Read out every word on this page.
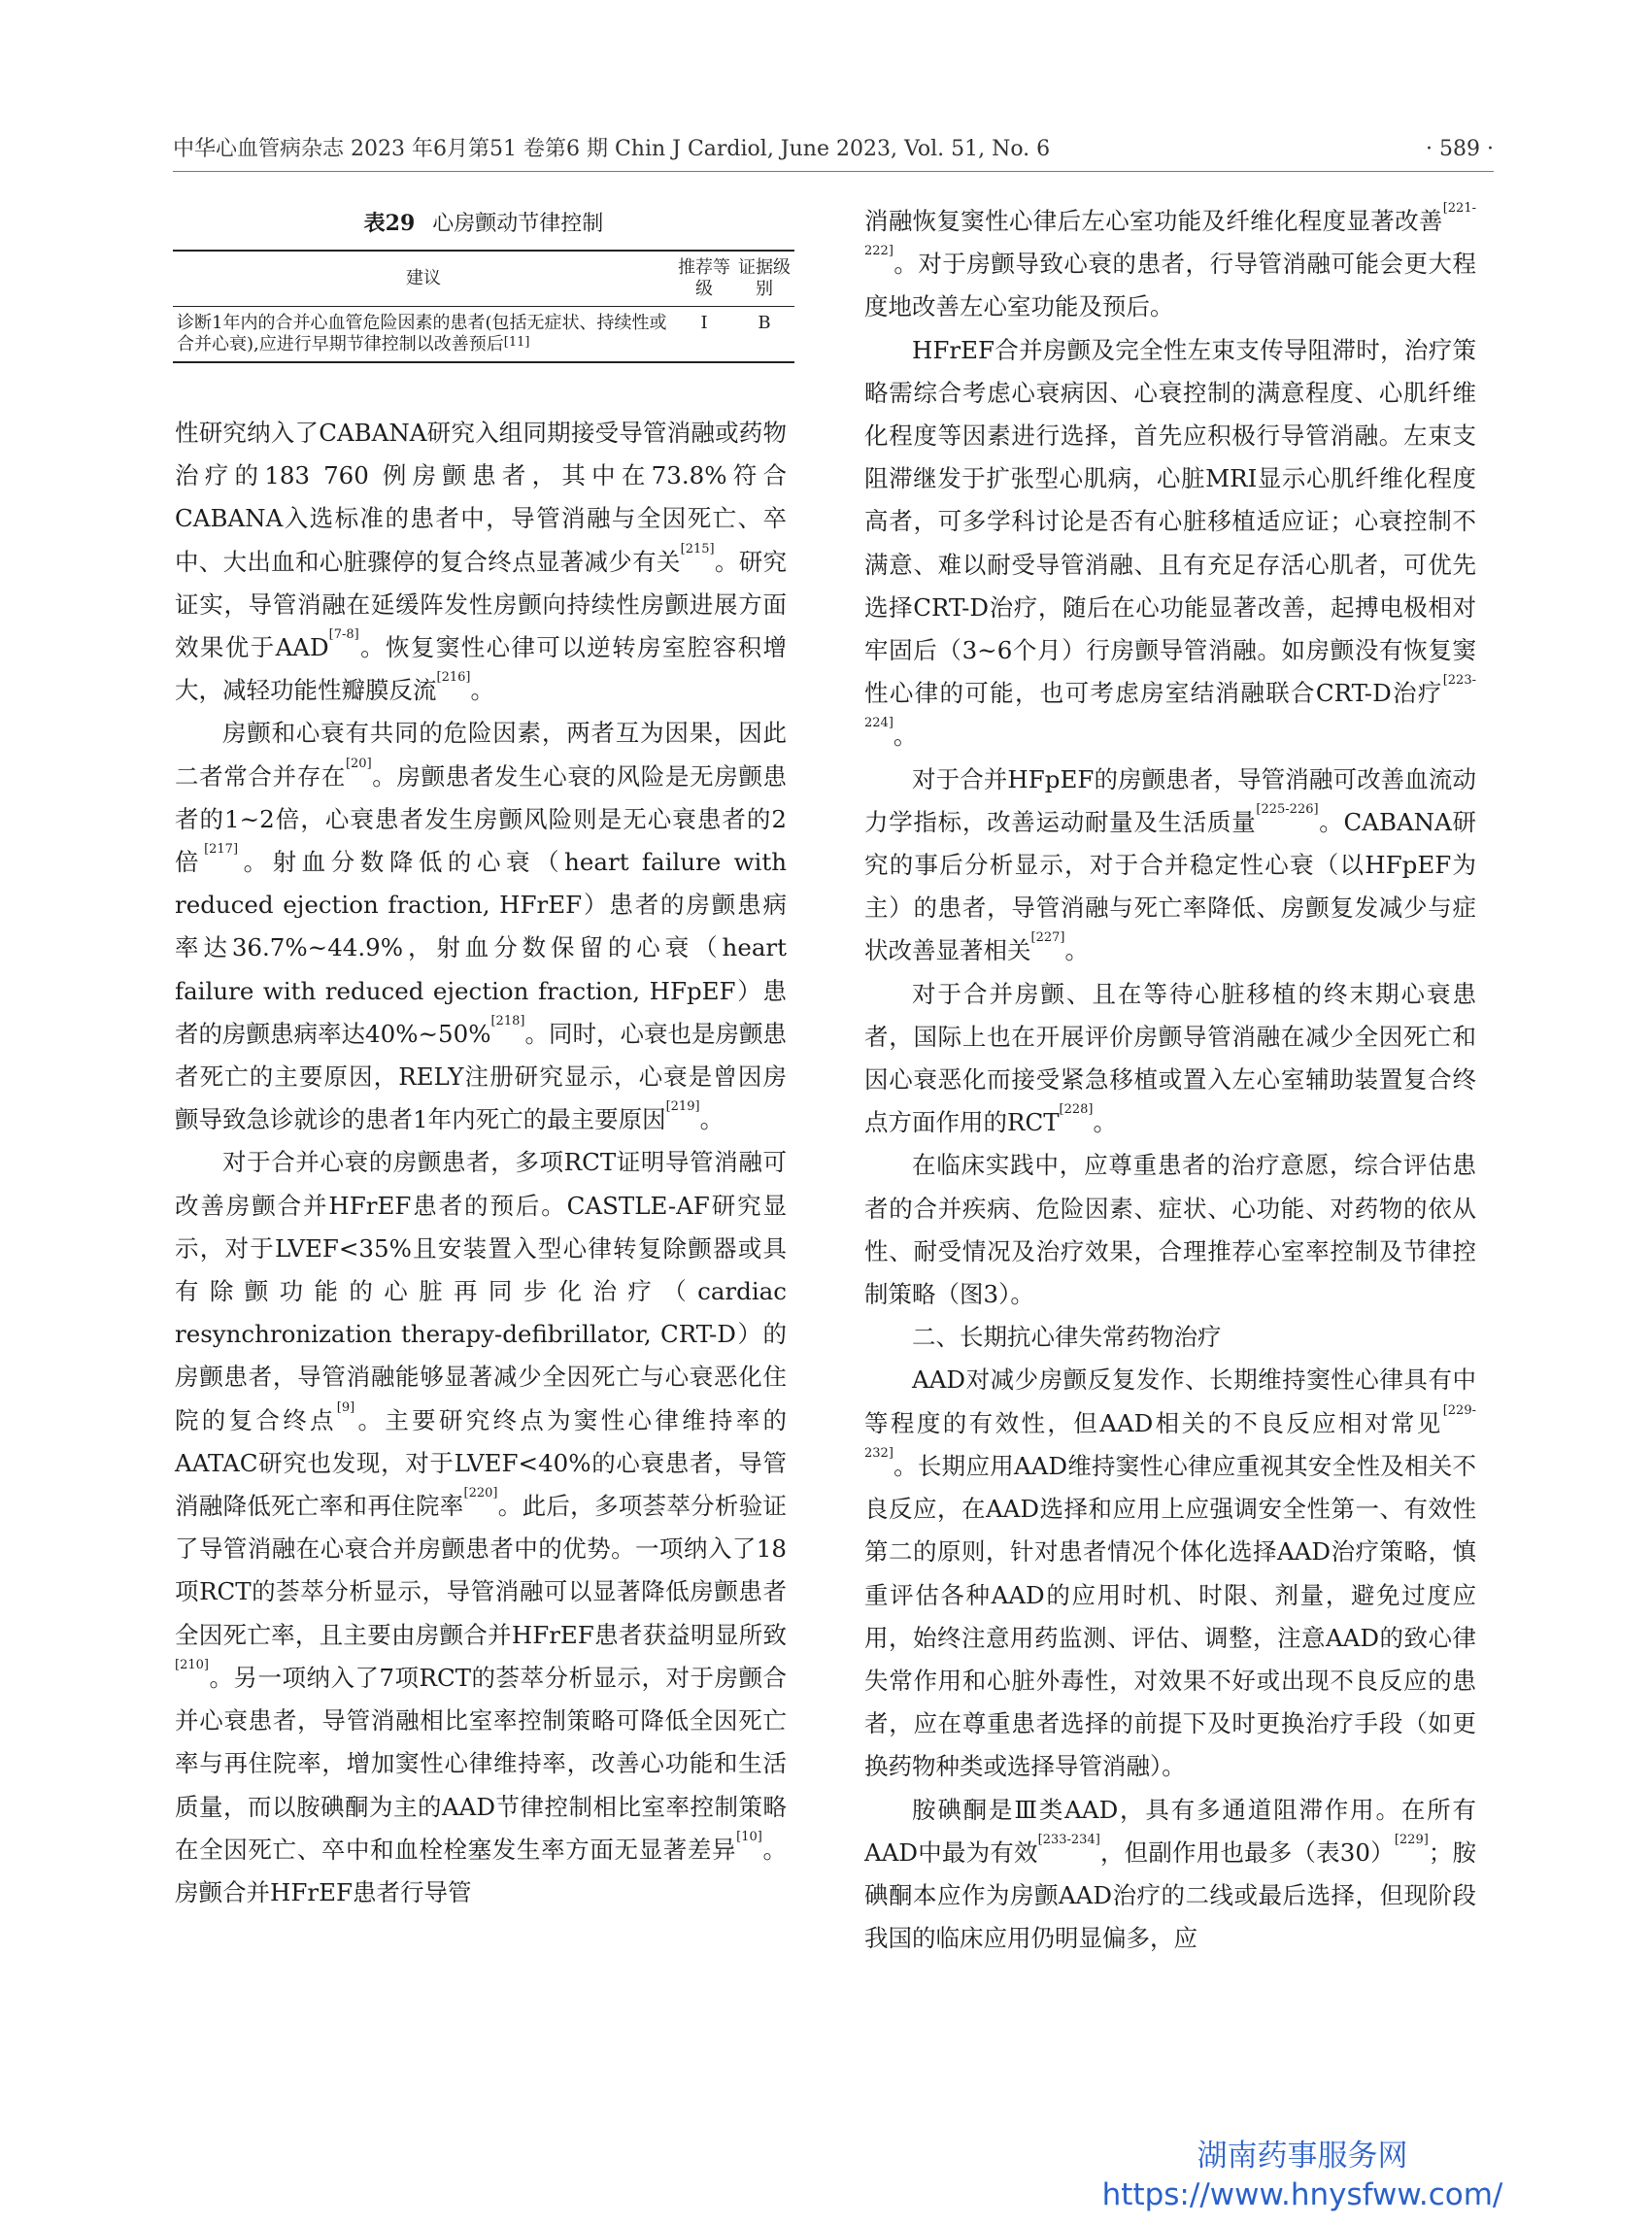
中华心血管病杂志 2023 年6月第51 卷第6 期 Chin J Cardiol, June 2023, Vol. 51, No. 6	· 589 ·
表29 心房颤动节律控制
建议	推荐等级	证据级别
诊断1年内的合并心血管危险因素的患者(包括无症状、持续性或合并心衰),应进行早期节律控制以改善预后[11]	Ⅰ	B

性研究纳入了CABANA研究入组同期接受导管消融或药物治疗的183 760 例房颤患者，其中在73.8%符合CABANA入选标准的患者中，导管消融与全因死亡、卒中、大出血和心脏骤停的复合终点显著减少有关[215]。研究证实，导管消融在延缓阵发性房颤向持续性房颤进展方面效果优于AAD[7-8]。恢复窦性心律可以逆转房室腔容积增大，减轻功能性瓣膜反流[216]。

房颤和心衰有共同的危险因素，两者互为因果，因此二者常合并存在[20]。房颤患者发生心衰的风险是无房颤患者的1~2倍，心衰患者发生房颤风险则是无心衰患者的2倍[217]。射血分数降低的心衰（heart failure with reduced ejection fraction, HFrEF）患者的房颤患病率达36.7%~44.9%，射血分数保留的心衰（heart failure with reduced ejection fraction, HFpEF）患者的房颤患病率达40%~50%[218]。同时，心衰也是房颤患者死亡的主要原因，RELY注册研究显示，心衰是曾因房颤导致急诊就诊的患者1年内死亡的最主要原因[219]。

对于合并心衰的房颤患者，多项RCT证明导管消融可改善房颤合并HFrEF患者的预后。CASTLE-AF研究显示，对于LVEF<35%且安装置入型心律转复除颤器或具有除颤功能的心脏再同步化治疗（cardiac resynchronization therapy-defibrillator, CRT-D）的房颤患者，导管消融能够显著减少全因死亡与心衰恶化住院的复合终点[9]。主要研究终点为窦性心律维持率的AATAC研究也发现，对于LVEF<40%的心衰患者，导管消融降低死亡率和再住院率[220]。此后，多项荟萃分析验证了导管消融在心衰合并房颤患者中的优势。一项纳入了18项RCT的荟萃分析显示，导管消融可以显著降低房颤患者全因死亡率，且主要由房颤合并HFrEF患者获益明显所致[210]。另一项纳入了7项RCT的荟萃分析显示，对于房颤合并心衰患者，导管消融相比室率控制策略可降低全因死亡率与再住院率，增加窦性心律维持率，改善心功能和生活质量，而以胺碘酮为主的AAD节律控制相比室率控制策略在全因死亡、卒中和血栓栓塞发生率方面无显著差异[10]。房颤合并HFrEF患者行导管

消融恢复窦性心律后左心室功能及纤维化程度显著改善[221-222]。对于房颤导致心衰的患者，行导管消融可能会更大程度地改善左心室功能及预后。

HFrEF合并房颤及完全性左束支传导阻滞时，治疗策略需综合考虑心衰病因、心衰控制的满意程度、心肌纤维化程度等因素进行选择，首先应积极行导管消融。左束支阻滞继发于扩张型心肌病，心脏MRI显示心肌纤维化程度高者，可多学科讨论是否有心脏移植适应证；心衰控制不满意、难以耐受导管消融、且有充足存活心肌者，可优先选择CRT-D治疗，随后在心功能显著改善，起搏电极相对牢固后（3~6个月）行房颤导管消融。如房颤没有恢复窦性心律的可能，也可考虑房室结消融联合CRT-D治疗[223-224]。

对于合并HFpEF的房颤患者，导管消融可改善血流动力学指标，改善运动耐量及生活质量[225-226]。CABANA研究的事后分析显示，对于合并稳定性心衰（以HFpEF为主）的患者，导管消融与死亡率降低、房颤复发减少与症状改善显著相关[227]。

对于合并房颤、且在等待心脏移植的终末期心衰患者，国际上也在开展评价房颤导管消融在减少全因死亡和因心衰恶化而接受紧急移植或置入左心室辅助装置复合终点方面作用的RCT[228]。

在临床实践中，应尊重患者的治疗意愿，综合评估患者的合并疾病、危险因素、症状、心功能、对药物的依从性、耐受情况及治疗效果，合理推荐心室率控制及节律控制策略（图3）。

二、长期抗心律失常药物治疗

AAD对减少房颤反复发作、长期维持窦性心律具有中等程度的有效性，但AAD相关的不良反应相对常见[229-232]。长期应用AAD维持窦性心律应重视其安全性及相关不良反应，在AAD选择和应用上应强调安全性第一、有效性第二的原则，针对患者情况个体化选择AAD治疗策略，慎重评估各种AAD的应用时机、时限、剂量，避免过度应用，始终注意用药监测、评估、调整，注意AAD的致心律失常作用和心脏外毒性，对效果不好或出现不良反应的患者，应在尊重患者选择的前提下及时更换治疗手段（如更换药物种类或选择导管消融）。

胺碘酮是Ⅲ类AAD，具有多通道阻滞作用。在所有AAD中最为有效[233-234]，但副作用也最多（表30）[229]；胺碘酮本应作为房颤AAD治疗的二线或最后选择，但现阶段我国的临床应用仍明显偏多，应

湖南药事服务网
https://www.hnysfww.com/
